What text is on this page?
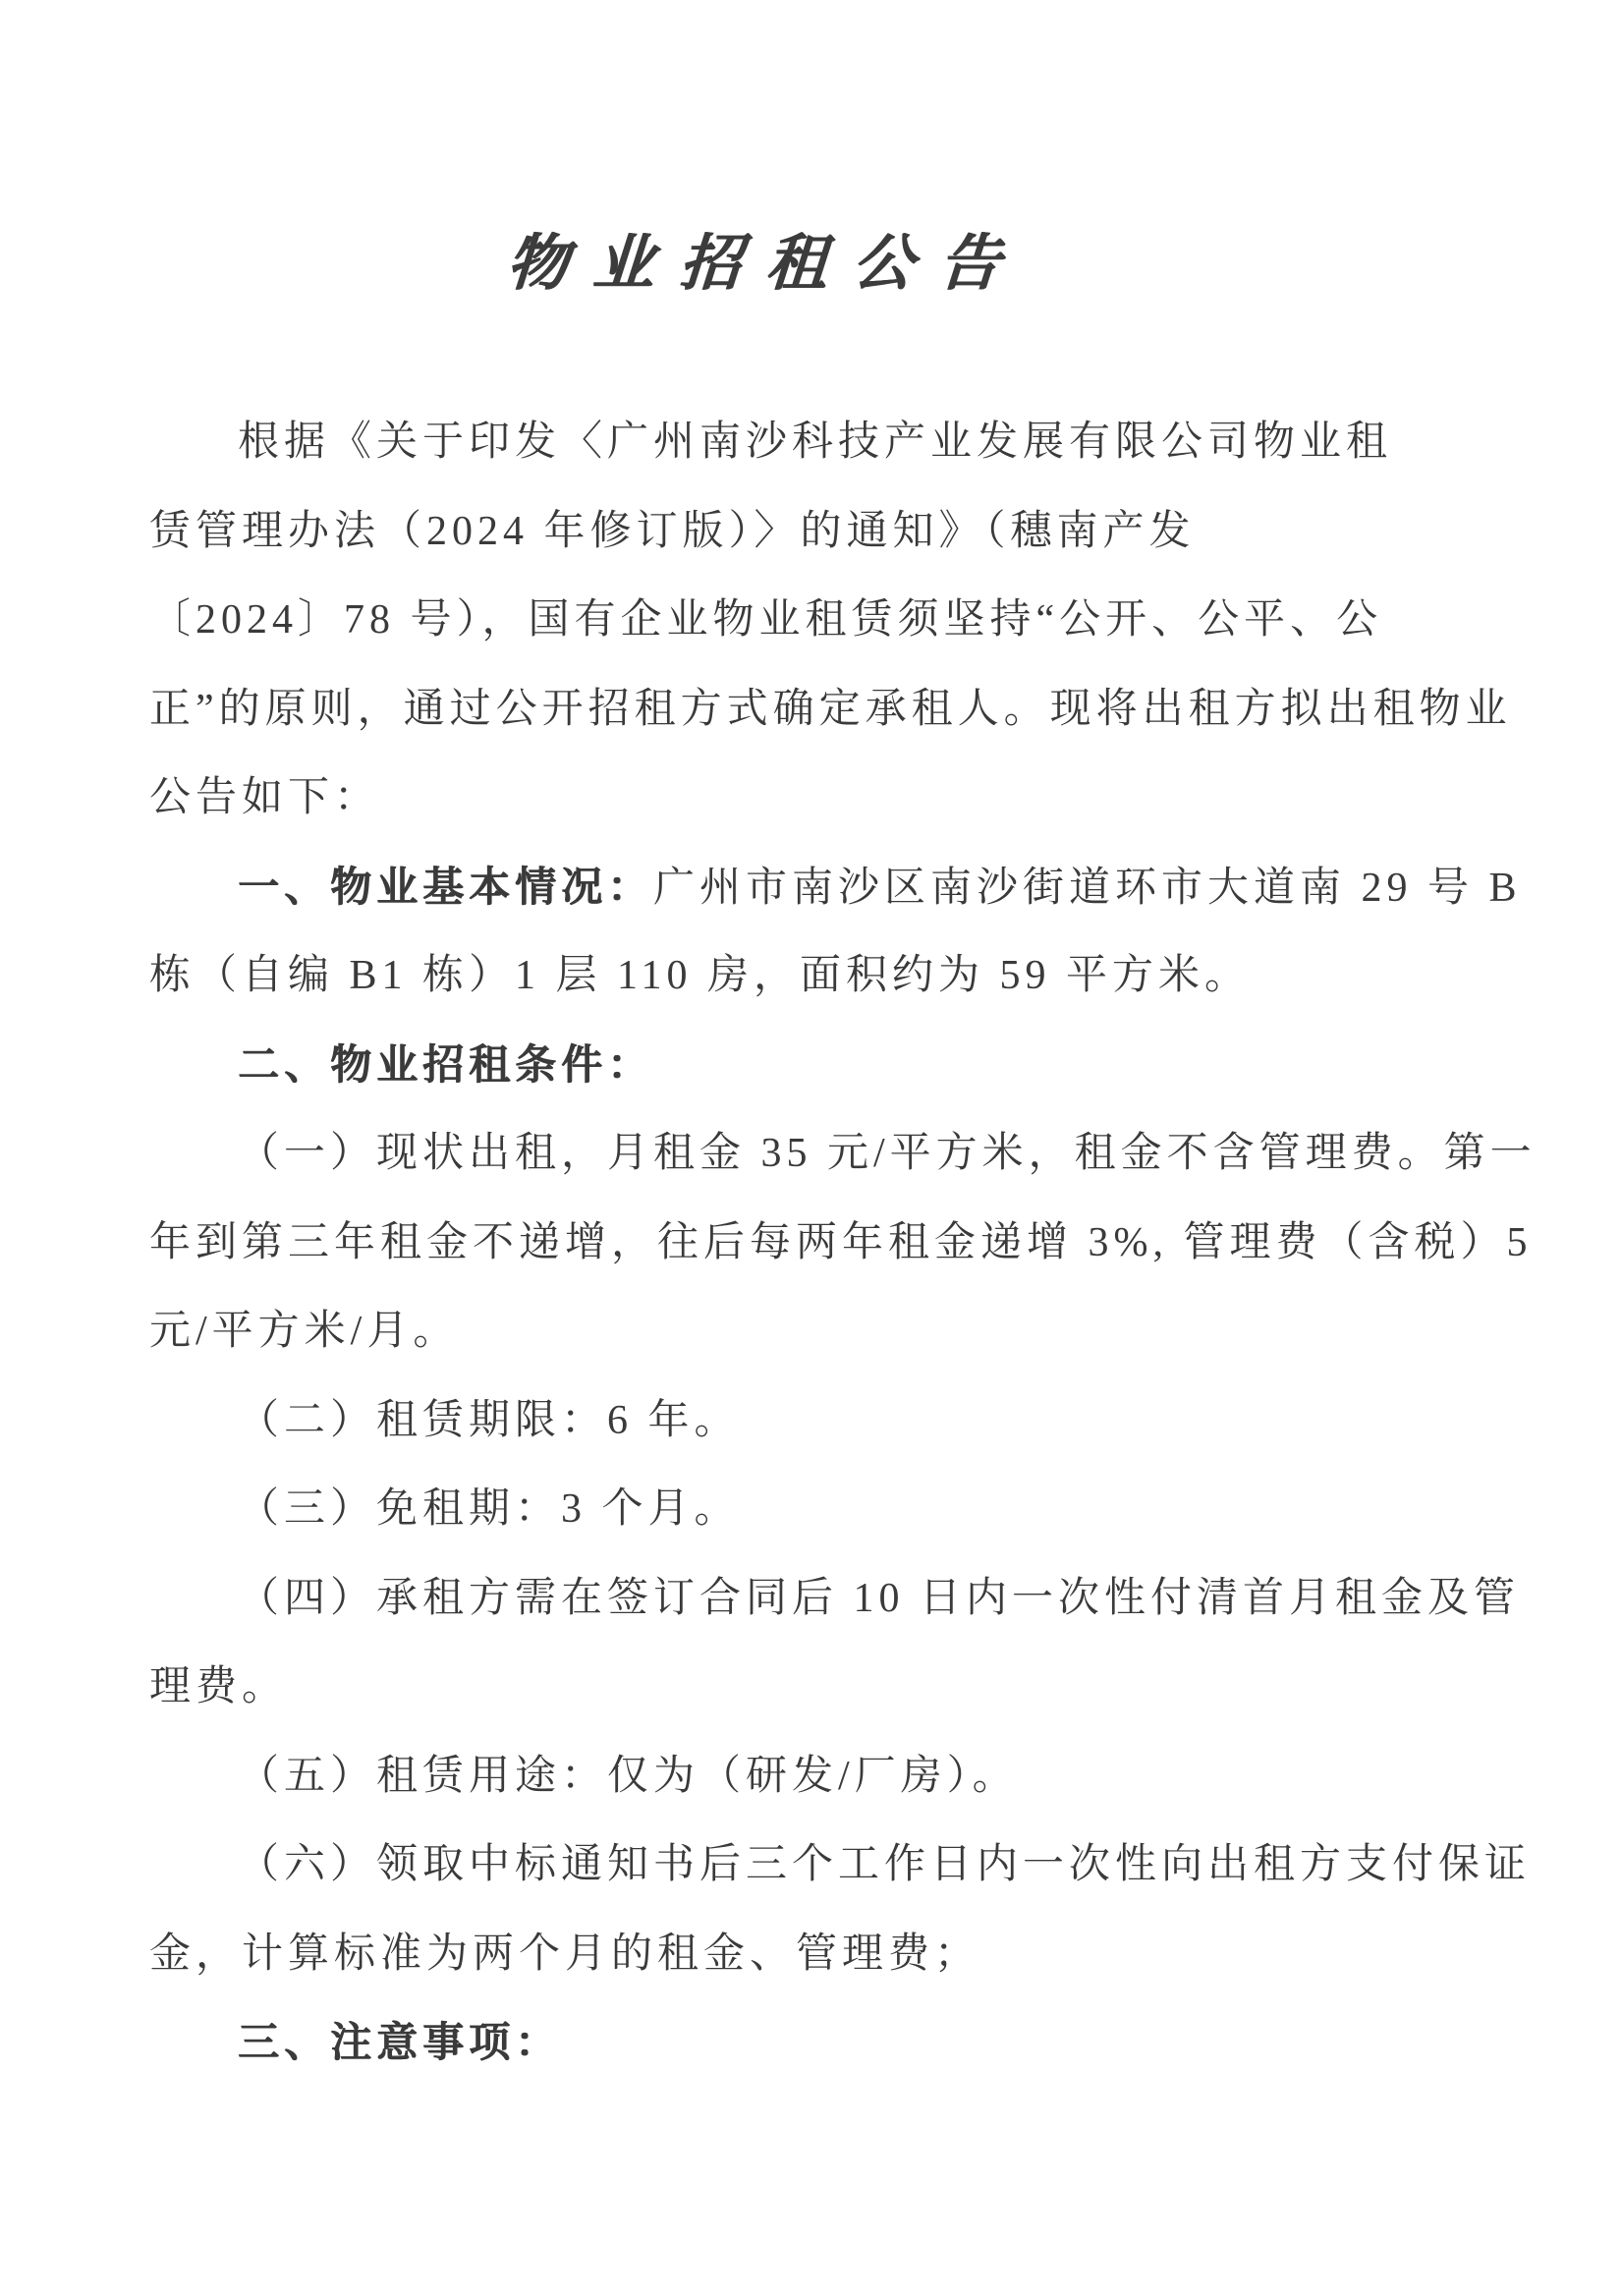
物业招租公告
根据《关于印发〈广州南沙科技产业发展有限公司物业租
赁管理办法（2024 年修订版）〉的通知》（穗南产发
〔2024〕78 号），国有企业物业租赁须坚持“公开、公平、公
正”的原则，通过公开招租方式确定承租人。现将出租方拟出租物业
公告如下：
一、物业基本情况：广州市南沙区南沙街道环市大道南 29 号 B
栋（自编 B1 栋）1 层 110 房，面积约为 59 平方米。
二、物业招租条件：
（一）现状出租，月租金 35 元/平方米，租金不含管理费。第一
年到第三年租金不递增，往后每两年租金递增 3%, 管理费（含税）5
元/平方米/月。
（二）租赁期限：6 年。
（三）免租期：3 个月。
（四）承租方需在签订合同后 10 日内一次性付清首月租金及管
理费。
（五）租赁用途：仅为（研发/厂房）。
（六）领取中标通知书后三个工作日内一次性向出租方支付保证
金，计算标准为两个月的租金、管理费；
三、注意事项：
